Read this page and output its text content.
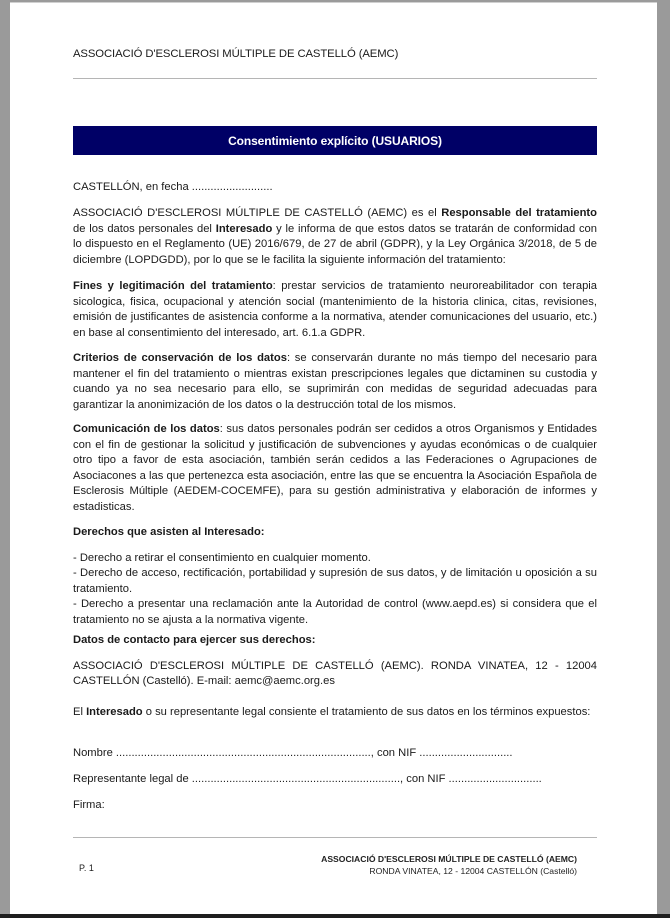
ASSOCIACIÓ D'ESCLEROSI MÚLTIPLE DE CASTELLÓ (AEMC)
Consentimiento explícito (USUARIOS)
CASTELLÓN, en fecha ..........................

ASSOCIACIÓ D'ESCLEROSI MÚLTIPLE DE CASTELLÓ (AEMC) es el Responsable del tratamiento de los datos personales del Interesado y le informa de que estos datos se tratarán de conformidad con lo dispuesto en el Reglamento (UE) 2016/679, de 27 de abril (GDPR), y la Ley Orgánica 3/2018, de 5 de diciembre (LOPDGDD), por lo que se le facilita la siguiente información del tratamiento:

Fines y legitimación del tratamiento: prestar servicios de tratamiento neuroreabilitador con terapia sicologica, fisica, ocupacional y atención social (mantenimiento de la historia clinica, citas, revisiones, emisión de justificantes de asistencia conforme a la normativa, atender comunicaciones del usuario, etc.) en base al consentimiento del interesado, art. 6.1.a GDPR.

Criterios de conservación de los datos: se conservarán durante no más tiempo del necesario para mantener el fin del tratamiento o mientras existan prescripciones legales que dictaminen su custodia y cuando ya no sea necesario para ello, se suprimirán con medidas de seguridad adecuadas para garantizar la anonimización de los datos o la destrucción total de los mismos.

Comunicación de los datos: sus datos personales podrán ser cedidos a otros Organismos y Entidades con el fin de gestionar la solicitud y justificación de subvenciones y ayudas económicas o de cualquier otro tipo a favor de esta asociación, también serán cedidos a las Federaciones o Agrupaciones de Asociacones a las que pertenezca esta asociación, entre las que se encuentra la Asociación Española de Esclerosis Múltiple (AEDEM-COCEMFE), para su gestión administrativa y elaboración de informes y estadisticas.

Derechos que asisten al Interesado:

- Derecho a retirar el consentimiento en cualquier momento.

- Derecho de acceso, rectificación, portabilidad y supresión de sus datos, y de limitación u oposición a su tratamiento.

- Derecho a presentar una reclamación ante la Autoridad de control (www.aepd.es) si considera que el tratamiento no se ajusta a la normativa vigente.

Datos de contacto para ejercer sus derechos:

ASSOCIACIÓ D'ESCLEROSI MÚLTIPLE DE CASTELLÓ (AEMC). RONDA VINATEA, 12 - 12004 CASTELLÓN (Castelló). E-mail: aemc@aemc.org.es

El Interesado o su representante legal consiente el tratamiento de sus datos en los términos expuestos:

Nombre .................................................................................., con NIF ..............................
Representante legal de ..................................................................., con NIF ..............................
Firma:
P. 1
ASSOCIACIÓ D'ESCLEROSI MÚLTIPLE DE CASTELLÓ (AEMC)
RONDA VINATEA, 12 - 12004 CASTELLÓN (Castelló)
